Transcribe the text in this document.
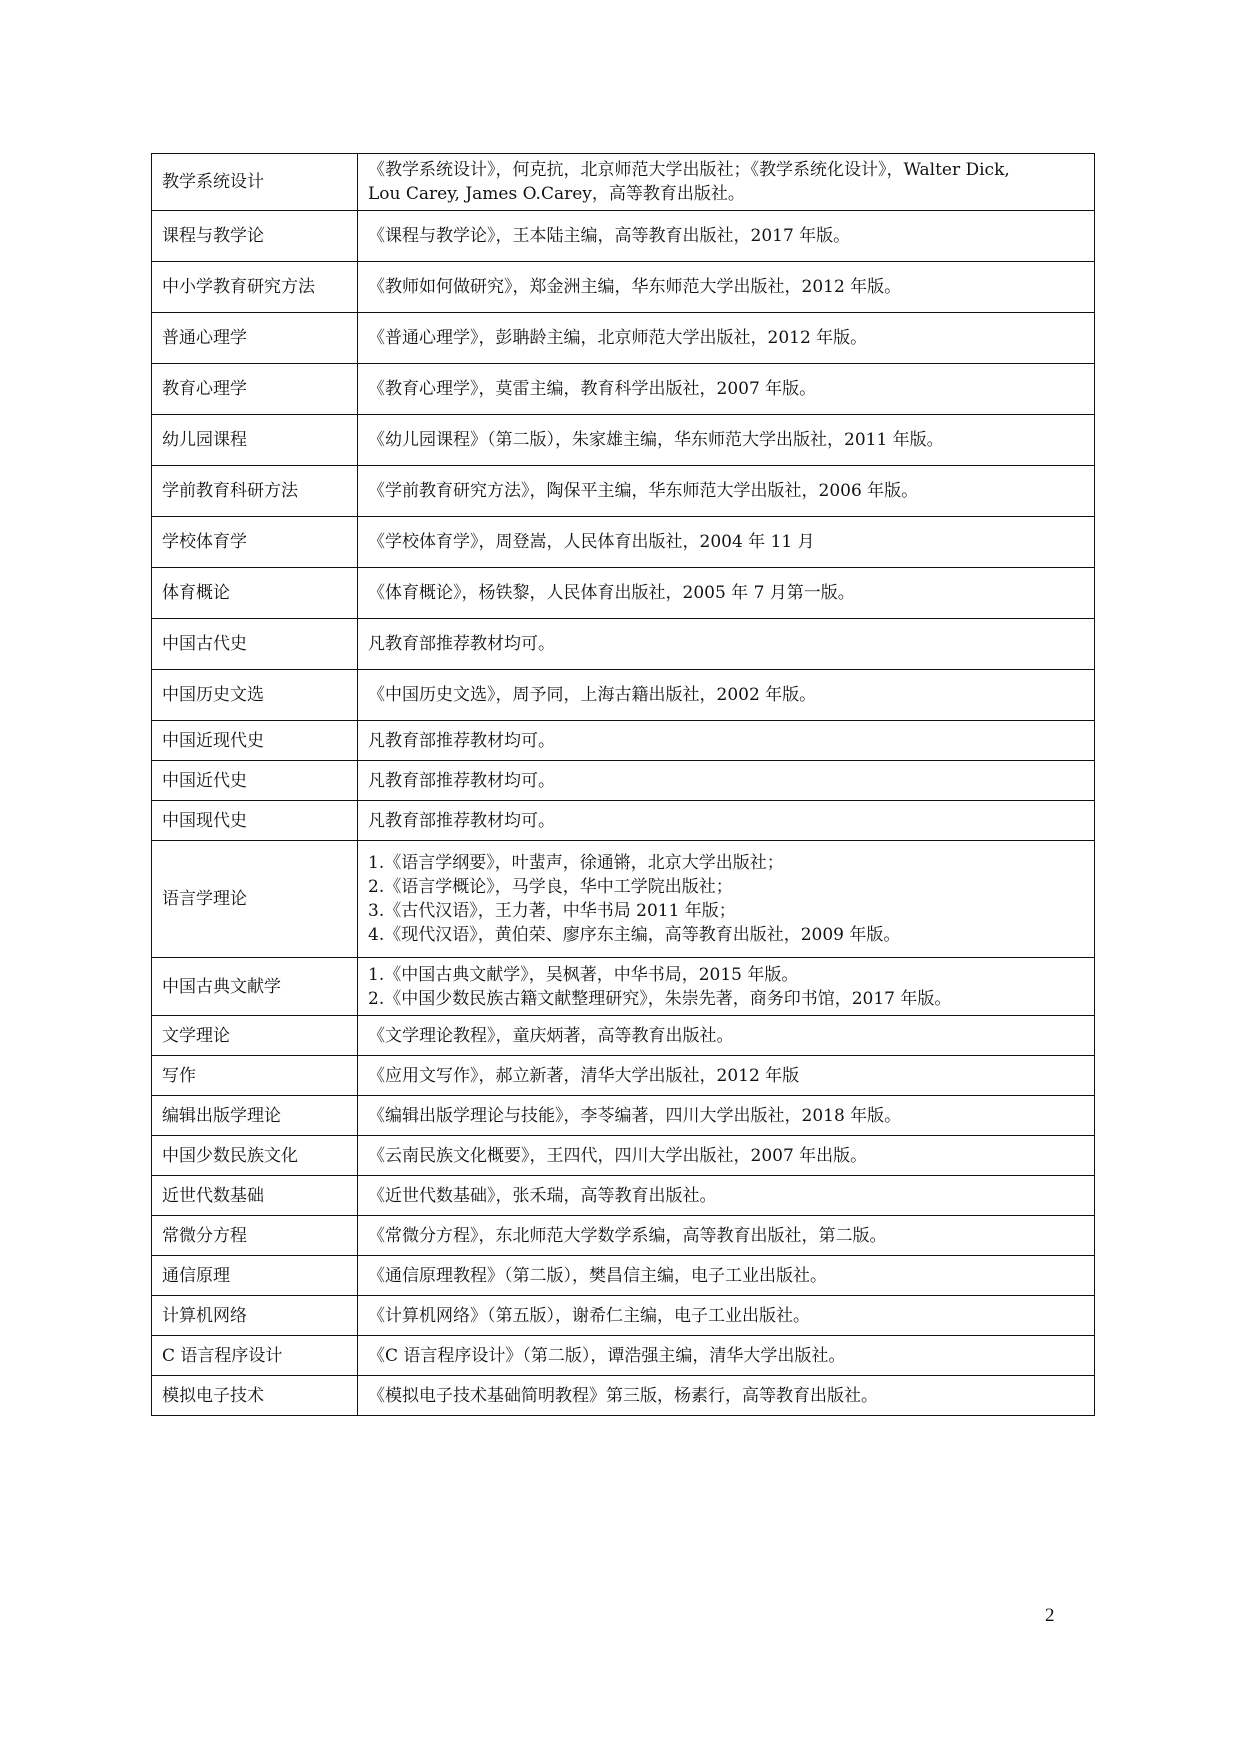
教学系统设计	《教学系统设计》，何克抗，北京师范大学出版社；《教学系统化设计》，Walter Dick,
Lou Carey, James O.Carey，高等教育出版社。

课程与教学论	《课程与教学论》，王本陆主编，高等教育出版社，2017 年版。

中小学教育研究方法	《教师如何做研究》，郑金洲主编，华东师范大学出版社，2012 年版。

普通心理学	《普通心理学》，彭聃龄主编，北京师范大学出版社，2012 年版。

教育心理学	《教育心理学》，莫雷主编，教育科学出版社，2007 年版。

幼儿园课程	《幼儿园课程》（第二版），朱家雄主编，华东师范大学出版社，2011 年版。

学前教育科研方法	《学前教育研究方法》，陶保平主编，华东师范大学出版社，2006 年版。

学校体育学	《学校体育学》，周登嵩，人民体育出版社，2004 年 11 月

体育概论	《体育概论》，杨铁黎，人民体育出版社，2005 年 7 月第一版。

中国古代史	凡教育部推荐教材均可。

中国历史文选	《中国历史文选》，周予同，上海古籍出版社，2002 年版。

中国近现代史	凡教育部推荐教材均可。

中国近代史	凡教育部推荐教材均可。

中国现代史	凡教育部推荐教材均可。

语言学理论	1.《语言学纲要》，叶蜚声，徐通锵，北京大学出版社；
2.《语言学概论》，马学良，华中工学院出版社；
3.《古代汉语》，王力著，中华书局 2011 年版；
4.《现代汉语》，黄伯荣、廖序东主编，高等教育出版社，2009 年版。

中国古典文献学	1.《中国古典文献学》，吴枫著，中华书局，2015 年版。
2.《中国少数民族古籍文献整理研究》，朱崇先著，商务印书馆，2017 年版。

文学理论	《文学理论教程》，童庆炳著，高等教育出版社。

写作	《应用文写作》，郝立新著，清华大学出版社，2012 年版

编辑出版学理论	《编辑出版学理论与技能》，李苓编著，四川大学出版社，2018 年版。

中国少数民族文化	《云南民族文化概要》，王四代，四川大学出版社，2007 年出版。

近世代数基础	《近世代数基础》，张禾瑞，高等教育出版社。

常微分方程	《常微分方程》，东北师范大学数学系编，高等教育出版社，第二版。

通信原理	《通信原理教程》（第二版），樊昌信主编，电子工业出版社。

计算机网络	《计算机网络》（第五版），谢希仁主编，电子工业出版社。

C 语言程序设计	《C 语言程序设计》（第二版），谭浩强主编，清华大学出版社。

模拟电子技术	《模拟电子技术基础简明教程》第三版，杨素行，高等教育出版社。
2
